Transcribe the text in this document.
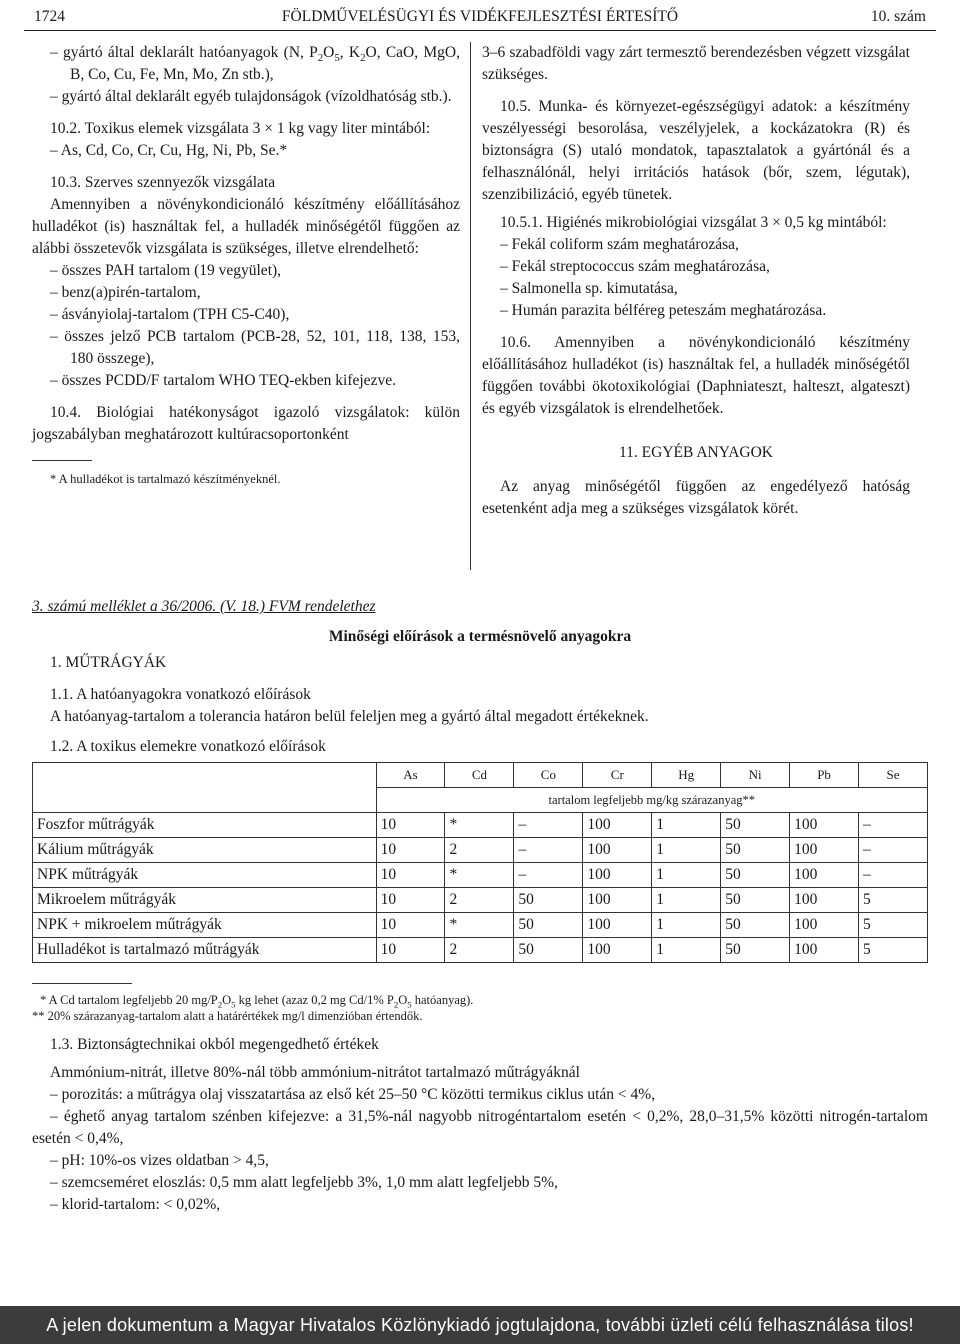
1724	FÖLDMŰVELÉSÜGYI ÉS VIDÉKFEJLESZTÉSI ÉRTESÍTŐ	10. szám

– gyártó által deklarált hatóanyagok (N, $P_2O_5$, $K_2O$, CaO, MgO, B, Co, Cu, Fe, Mn, Mo, Zn stb.),

– gyártó által deklarált egyéb tulajdonságok (vízoldhatóság stb.).

10.2. Toxikus elemek vizsgálata 3 × 1 kg vagy liter mintából:

– As, Cd, Co, Cr, Cu, Hg, Ni, Pb, Se.*

10.3. Szerves szennyezők vizsgálata

Amennyiben a növénykondicionáló készítmény előállításához hulladékot (is) használtak fel, a hulladék minőségétől függően az alábbi összetevők vizsgálata is szükséges, illetve elrendelhető:

– összes PAH tartalom (19 vegyület),

– benz(a)pirén-tartalom,

– ásványiolaj-tartalom (TPH C5-C40),

– összes jelző PCB tartalom (PCB-28, 52, 101, 118, 138, 153, 180 összege),

– összes PCDD/F tartalom WHO TEQ-ekben kifejezve.

10.4. Biológiai hatékonyságot igazoló vizsgálatok: külön jogszabályban meghatározott kultúracsoportonként

* A hulladékot is tartalmazó készítményeknél.

3–6 szabadföldi vagy zárt termesztő berendezésben végzett vizsgálat szükséges.

10.5. Munka- és környezet-egészségügyi adatok: a készítmény veszélyességi besorolása, veszélyjelek, a kockázatokra (R) és biztonságra (S) utaló mondatok, tapasztalatok a gyártónál és a felhasználónál, helyi irritációs hatások (bőr, szem, légutak), szenzibilizáció, egyéb tünetek.

10.5.1. Higiénés mikrobiológiai vizsgálat 3 × 0,5 kg mintából:

– Fekál coliform szám meghatározása,

– Fekál streptococcus szám meghatározása,

– Salmonella sp. kimutatása,

– Humán parazita bélféreg peteszám meghatározása.

10.6. Amennyiben a növénykondicionáló készítmény előállításához hulladékot (is) használtak fel, a hulladék minőségétől függően további ökotoxikológiai (Daphniateszt, halteszt, algateszt) és egyéb vizsgálatok is elrendelhetőek.

11. EGYÉB ANYAGOK

Az anyag minőségétől függően az engedélyező hatóság esetenként adja meg a szükséges vizsgálatok körét.

3. számú melléklet a 36/2006. (V. 18.) FVM rendelethez

Minőségi előírások a termésnövelő anyagokra

1. MŰTRÁGYÁK

1.1. A hatóanyagokra vonatkozó előírások

A hatóanyag-tartalom a tolerancia határon belül feleljen meg a gyártó által megadott értékeknek.

1.2. A toxikus elemekre vonatkozó előírások

	As	Cd	Co	Cr	Hg	Ni	Pb	Se
	tartalom legfeljebb mg/kg szárazanyag**							
Foszfor műtrágyák	10	*	–	100	1	50	100	–
Kálium műtrágyák	10	2	–	100	1	50	100	–
NPK műtrágyák	10	*	–	100	1	50	100	–
Mikroelem műtrágyák	10	2	50	100	1	50	100	5
NPK + mikroelem műtrágyák	10	*	50	100	1	50	100	5
Hulladékot is tartalmazó műtrágyák	10	2	50	100	1	50	100	5

* A Cd tartalom legfeljebb 20 $mg/P_2O_5$ kg lehet (azaz 0,2 mg Cd/1% $P_2O_5$ hatóanyag).

** 20% szárazanyag-tartalom alatt a határértékek mg/l dimenzióban értendők.

1.3. Biztonságtechnikai okból megengedhető értékek

Ammónium-nitrát, illetve 80%-nál több ammónium-nitrátot tartalmazó műtrágyáknál

– porozitás: a műtrágya olaj visszatartása az első két 25–50 °C közötti termikus ciklus után < 4%,

– éghető anyag tartalom szénben kifejezve: a 31,5%-nál nagyobb nitrogéntartalom esetén < 0,2%, 28,0–31,5% közötti nitrogén-tartalom esetén < 0,4%,

– pH: 10%-os vizes oldatban > 4,5,

– szemcseméret eloszlás: 0,5 mm alatt legfeljebb 3%, 1,0 mm alatt legfeljebb 5%,

– klorid-tartalom: < 0,02%,

A jelen dokumentum a Magyar Hivatalos Közlönykiadó jogtulajdona, további üzleti célú felhasználása tilos!
